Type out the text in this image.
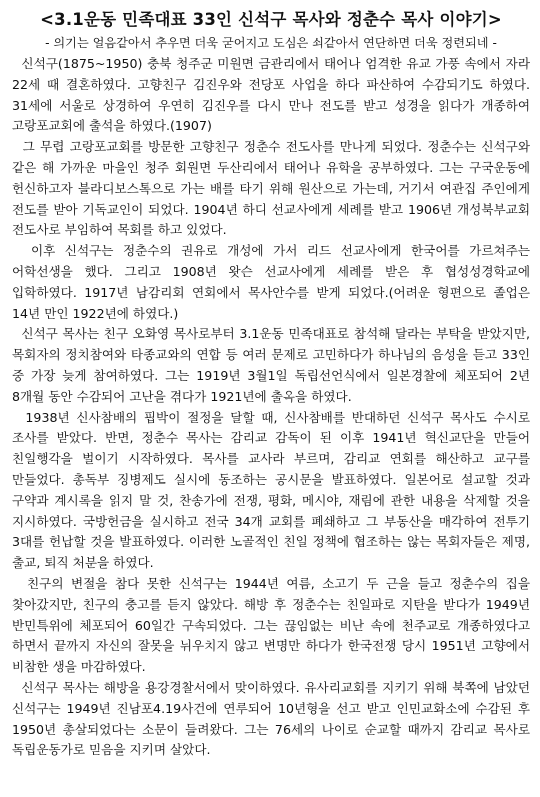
<3.1운동 민족대표 33인 신석구 목사와 정춘수 목사 이야기>
- 의기는 얼음같아서 추우면 더욱 굳어지고 도심은 쇠같아서 연단하면 더욱 정련되네 -

신석구(1875~1950) 충북 청주군 미원면 금관리에서 태어나 엄격한 유교 가풍 속에서 자라 22세 때 결혼하였다. 고향친구 김진우와 전당포 사업을 하다 파산하여 수감되기도 하였다. 31세에 서울로 상경하여 우연히 김진우를 다시 만나 전도를 받고 성경을 읽다가 개종하여 고랑포교회에 출석을 하였다.(1907)

그 무렵 고랑포교회를 방문한 고향친구 정춘수 전도사를 만나게 되었다. 정춘수는 신석구와 같은 해 가까운 마을인 청주 회원면 두산리에서 태어나 유학을 공부하였다. 그는 구국운동에 헌신하고자 블라디보스톡으로 가는 배를 타기 위해 원산으로 가는데, 거기서 여관집 주인에게 전도를 받아 기독교인이 되었다. 1904년 하디 선교사에게 세례를 받고 1906년 개성북부교회 전도사로 부임하여 목회를 하고 있었다.

이후 신석구는 정춘수의 권유로 개성에 가서 리드 선교사에게 한국어를 가르쳐주는 어학선생을 했다. 그리고 1908년 왓슨 선교사에게 세례를 받은 후 협성성경학교에 입학하였다. 1917년 남감리회 연회에서 목사안수를 받게 되었다.(어려운 형편으로 졸업은 14년 만인 1922년에 하였다.)

신석구 목사는 친구 오화영 목사로부터 3.1운동 민족대표로 참석해 달라는 부탁을 받았지만, 목회자의 정치참여와 타종교와의 연합 등 여러 문제로 고민하다가 하나님의 음성을 듣고 33인 중 가장 늦게 참여하였다. 그는 1919년 3월1일 독립선언식에서 일본경찰에 체포되어 2년 8개월 동안 수감되어 고난을 겪다가 1921년에 출옥을 하였다.

1938년 신사참배의 핍박이 절정을 달할 때, 신사참배를 반대하던 신석구 목사도 수시로 조사를 받았다. 반면, 정춘수 목사는 감리교 감독이 된 이후 1941년 혁신교단을 만들어 친일행각을 벌이기 시작하였다. 목사를 교사라 부르며, 감리교 연회를 해산하고 교구를 만들었다. 총독부 징병제도 실시에 동조하는 공시문을 발표하였다. 일본어로 설교할 것과 구약과 계시록을 읽지 말 것, 찬송가에 전쟁, 평화, 메시야, 재림에 관한 내용을 삭제할 것을 지시하였다. 국방헌금을 실시하고 전국 34개 교회를 폐쇄하고 그 부동산을 매각하여 전투기 3대를 헌납할 것을 발표하였다. 이러한 노골적인 친일 정책에 협조하는 않는 목회자들은 제명, 출교, 퇴직 처분을 하였다.

친구의 변절을 참다 못한 신석구는 1944년 여름, 소고기 두 근을 들고 정춘수의 집을 찾아갔지만, 친구의 충고를 듣지 않았다. 해방 후 정춘수는 친일파로 지탄을 받다가 1949년 반민특위에 체포되어 60일간 구속되었다. 그는 끊임없는 비난 속에 천주교로 개종하였다고 하면서 끝까지 자신의 잘못을 뉘우치지 않고 변명만 하다가 한국전쟁 당시 1951년 고향에서 비참한 생을 마감하였다.

신석구 목사는 해방을 용강경찰서에서 맞이하였다. 유사리교회를 지키기 위해 북쪽에 남았던 신석구는 1949년 진남포4.19사건에 연루되어 10년형을 선고 받고 인민교화소에 수감된 후 1950년 총살되었다는 소문이 들려왔다. 그는 76세의 나이로 순교할 때까지 감리교 목사로 독립운동가로 믿음을 지키며 살았다.
